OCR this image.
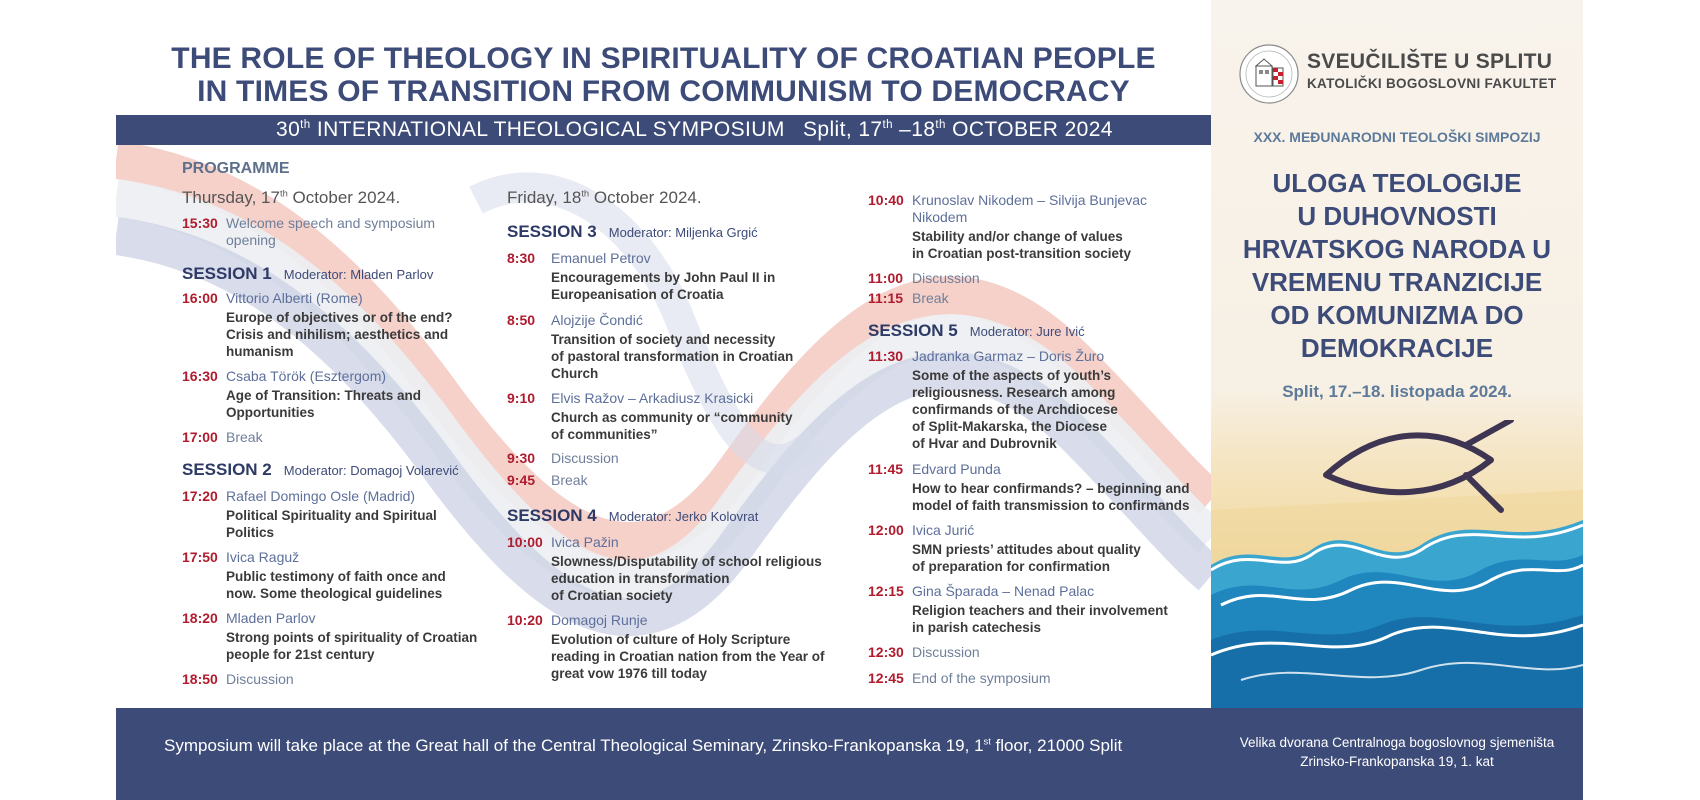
THE ROLE OF THEOLOGY IN SPIRITUALITY OF CROATIAN PEOPLE
IN TIMES OF TRANSITION FROM COMMUNISM TO DEMOCRACY
30th INTERNATIONAL THEOLOGICAL SYMPOSIUM Split, 17th –18th OCTOBER 2024
PROGRAMME
Thursday, 17th October 2024.
15:30 Welcome speech and symposium
opening
SESSION 1 Moderator: Mladen Parlov
16:00 Vittorio Alberti (Rome)
Europe of objectives or of the end?
Crisis and nihilism; aesthetics and
humanism
16:30 Csaba Török (Esztergom)
Age of Transition: Threats and
Opportunities
17:00 Break
SESSION 2 Moderator: Domagoj Volarević
17:20 Rafael Domingo Osle (Madrid)
Political Spirituality and Spiritual
Politics
17:50 Ivica Raguž
Public testimony of faith once and
now. Some theological guidelines
18:20 Mladen Parlov
Strong points of spirituality of Croatian
people for 21st century
18:50 Discussion
Friday, 18th October 2024.
SESSION 3 Moderator: Miljenka Grgić
8:30 Emanuel Petrov
Encouragements by John Paul II in
Europeanisation of Croatia
8:50 Alojzije Čondić
Transition of society and necessity
of pastoral transformation in Croatian
Church
9:10 Elvis Ražov – Arkadiusz Krasicki
Church as community or “community
of communities”
9:30 Discussion
9:45 Break
SESSION 4 Moderator: Jerko Kolovrat
10:00 Ivica Pažin
Slowness/Disputability of school religious
education in transformation
of Croatian society
10:20 Domagoj Runje
Evolution of culture of Holy Scripture
reading in Croatian nation from the Year of
great vow 1976 till today
10:40 Krunoslav Nikodem – Silvija Bunjevac
Nikodem
Stability and/or change of values
in Croatian post-transition society
11:00 Discussion
11:15 Break
SESSION 5 Moderator: Jure Ivić
11:30 Jadranka Garmaz – Doris Žuro
Some of the aspects of youth’s
religiousness. Research among
confirmands of the Archdiocese
of Split-Makarska, the Diocese
of Hvar and Dubrovnik
11:45 Edvard Punda
How to hear confirmands? – beginning and
model of faith transmission to confirmands
12:00 Ivica Jurić
SMN priests’ attitudes about quality
of preparation for confirmation
12:15 Gina Šparada – Nenad Palac
Religion teachers and their involvement
in parish catechesis
12:30 Discussion
12:45 End of the symposium
SVEUČILIŠTE U SPLITU
KATOLIČKI BOGOSLOVNI FAKULTET
XXX. MEĐUNARODNI TEOLOŠKI SIMPOZIJ
ULOGA TEOLOGIJE
U DUHOVNOSTI
HRVATSKOG NARODA U
VREMENU TRANZICIJE
OD KOMUNIZMA DO
DEMOKRACIJE
Split, 17.–18. listopada 2024.
Symposium will take place at the Great hall of the Central Theological Seminary, Zrinsko-Frankopanska 19, 1st floor, 21000 Split	Velika dvorana Centralnoga bogoslovnog sjemeništa
Zrinsko-Frankopanska 19, 1. kat
